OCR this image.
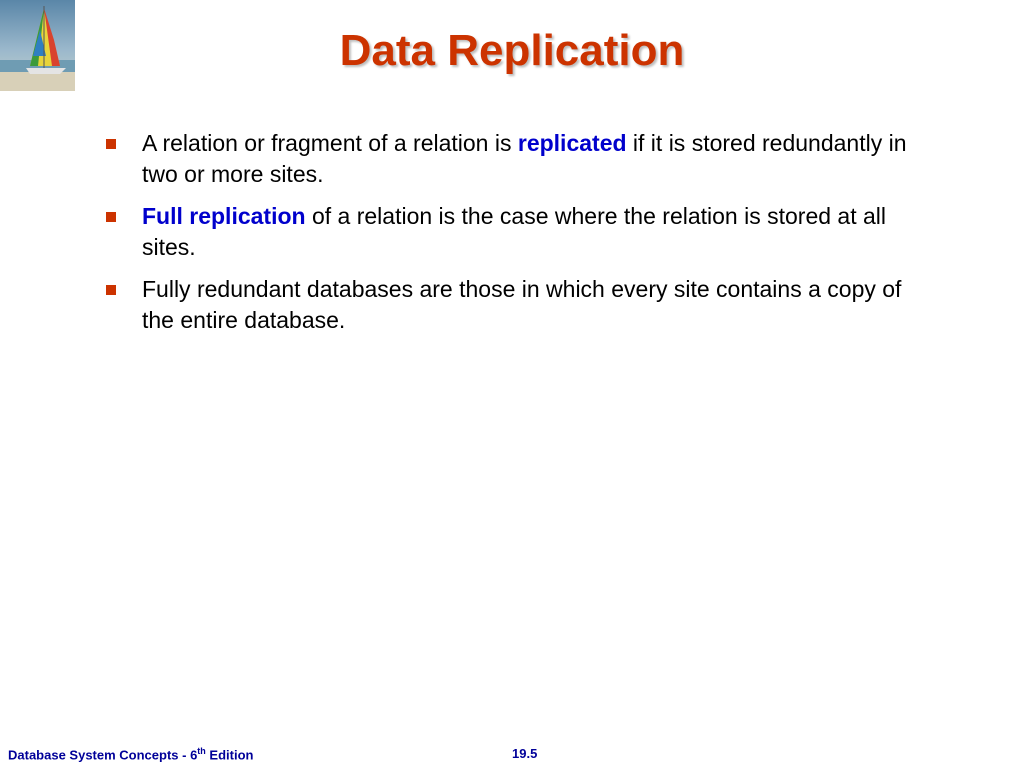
Data Replication
A relation or fragment of a relation is replicated if it is stored redundantly in two or more sites.
Full replication of a relation is the case where the relation is stored at all sites.
Fully redundant databases are those in which every site contains a copy of the entire database.
Database System Concepts - 6th Edition	19.5
